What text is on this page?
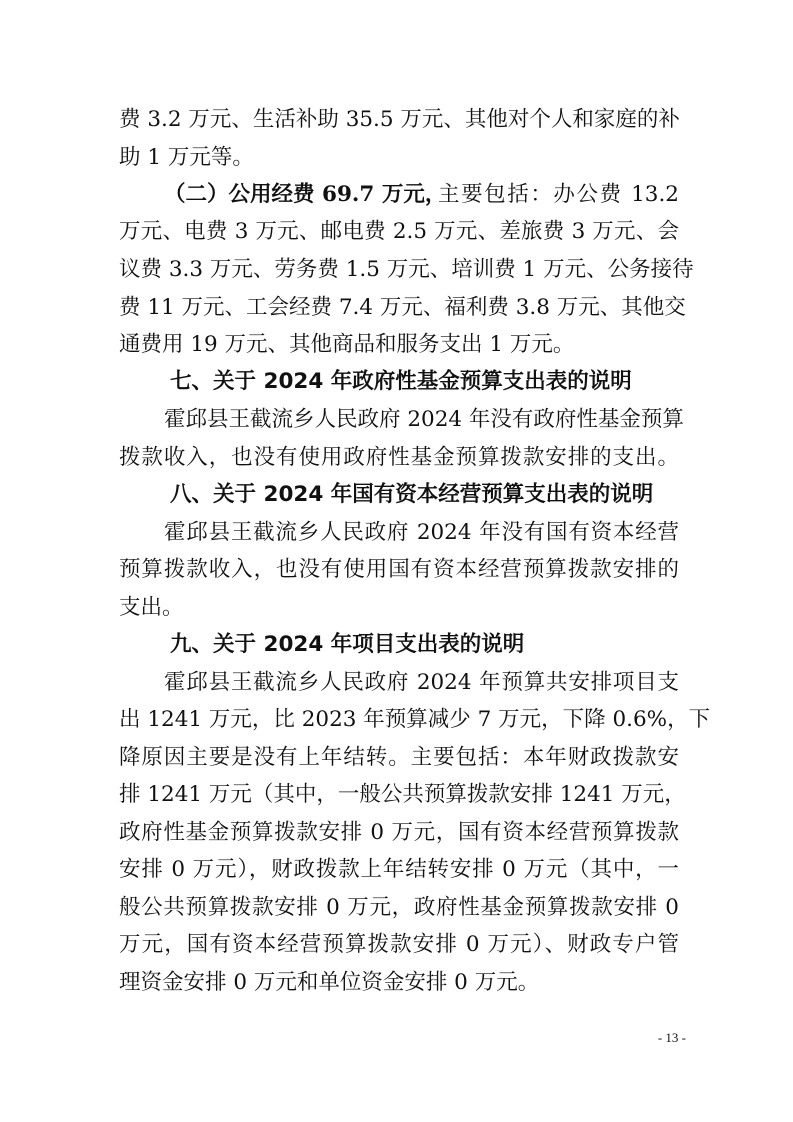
费 3.2 万元、生活补助 35.5 万元、其他对个人和家庭的补
助 1 万元等。
（二）公用经费 69.7 万元，
主要包括：办公费 13.2
万元、电费 3 万元、邮电费 2.5 万元、差旅费 3 万元、会
议费 3.3 万元、劳务费 1.5 万元、培训费 1 万元、公务接待
费 11 万元、工会经费 7.4 万元、福利费 3.8 万元、其他交
通费用 19 万元、其他商品和服务支出 1 万元。
七、关于 2024 年政府性基金预算支出表的说明
霍邱县王截流乡人民政府 2024 年没有政府性基金预算
拨款收入，也没有使用政府性基金预算拨款安排的支出。
八、关于 2024 年国有资本经营预算支出表的说明
霍邱县王截流乡人民政府 2024 年没有国有资本经营
预算拨款收入，也没有使用国有资本经营预算拨款安排的
支出。
九、关于 2024 年项目支出表的说明
霍邱县王截流乡人民政府 2024 年预算共安排项目支
出 1241 万元，比 2023 年预算减少 7 万元，下降 0.6%，下
降原因主要是没有上年结转。主要包括：本年财政拨款安
排 1241 万元（其中，一般公共预算拨款安排 1241 万元，
政府性基金预算拨款安排 0 万元，国有资本经营预算拨款
安排 0 万元），财政拨款上年结转安排 0 万元（其中，一
般公共预算拨款安排 0 万元，政府性基金预算拨款安排 0
万元，国有资本经营预算拨款安排 0 万元）、财政专户管
理资金安排 0 万元和单位资金安排 0 万元。
- 13 -
